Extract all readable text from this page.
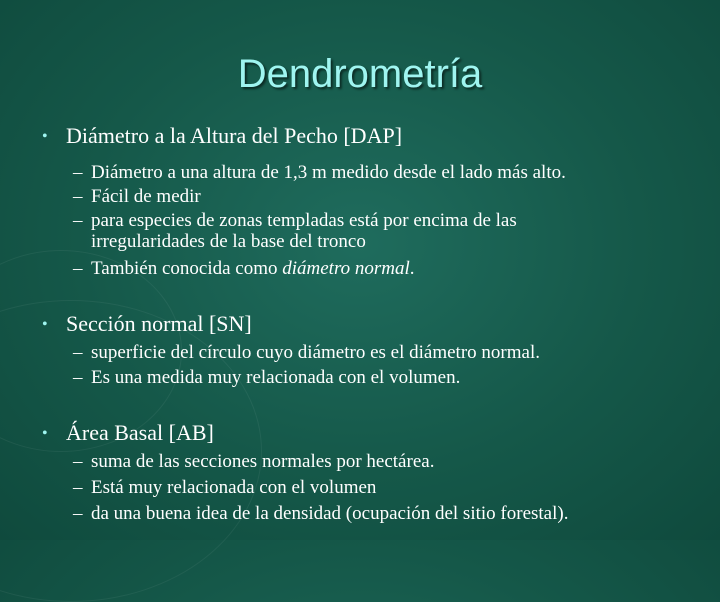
Dendrometría
• Diámetro a la Altura del Pecho [DAP]
– Diámetro a una altura de 1,3 m medido desde el lado más alto.
– Fácil de medir
– para especies de zonas templadas está por encima de las
irregularidades de la base del tronco
– También conocida como diámetro normal.
• Sección normal [SN]
– superficie del círculo cuyo diámetro es el diámetro normal.
– Es una medida muy relacionada con el volumen.
• Área Basal [AB]
– suma de las secciones normales por hectárea.
– Está muy relacionada con el volumen
– da una buena idea de la densidad (ocupación del sitio forestal).
